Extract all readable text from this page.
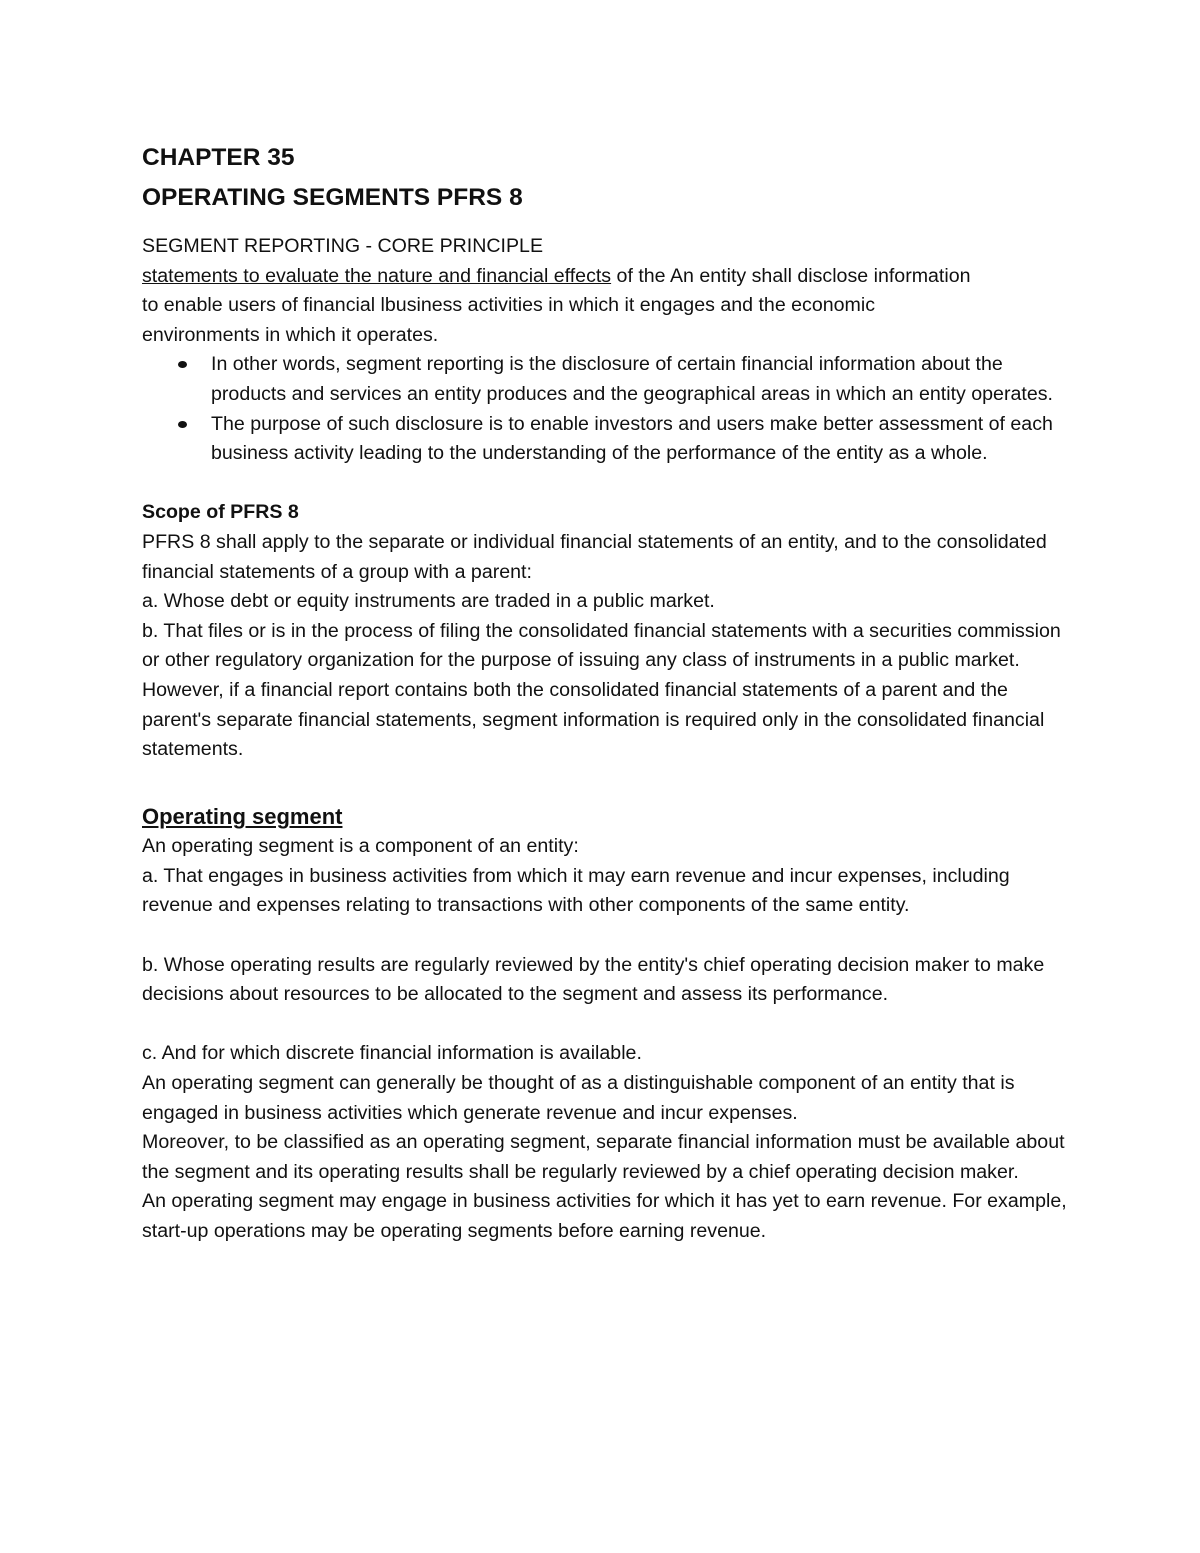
CHAPTER 35
OPERATING SEGMENTS PFRS 8

SEGMENT REPORTING - CORE PRINCIPLE

statements to evaluate the nature and financial effects of the An entity shall disclose information

to enable users of financial lbusiness activities in which it engages and the economic

environments in which it operates.

In other words, segment reporting is the disclosure of certain financial information about the products and services an entity produces and the geographical areas in which an entity operates.
The purpose of such disclosure is to enable investors and users make better assessment of each business activity leading to the understanding of the performance of the entity as a whole.

Scope of PFRS 8

PFRS 8 shall apply to the separate or individual financial statements of an entity, and to the consolidated financial statements of a group with a parent:

a. Whose debt or equity instruments are traded in a public market.

b. That files or is in the process of filing the consolidated financial statements with a securities commission or other regulatory organization for the purpose of issuing any class of instruments in a public market.

However, if a financial report contains both the consolidated financial statements of a parent and the parent's separate financial statements, segment information is required only in the consolidated financial statements.

Operating segment

An operating segment is a component of an entity:

a. That engages in business activities from which it may earn revenue and incur expenses, including revenue and expenses relating to transactions with other components of the same entity.

b. Whose operating results are regularly reviewed by the entity's chief operating decision maker to make decisions about resources to be allocated to the segment and assess its performance.

c. And for which discrete financial information is available.

An operating segment can generally be thought of as a distinguishable component of an entity that is engaged in business activities which generate revenue and incur expenses.

Moreover, to be classified as an operating segment, separate financial information must be available about the segment and its operating results shall be regularly reviewed by a chief operating decision maker.

An operating segment may engage in business activities for which it has yet to earn revenue. For example, start-up operations may be operating segments before earning revenue.
